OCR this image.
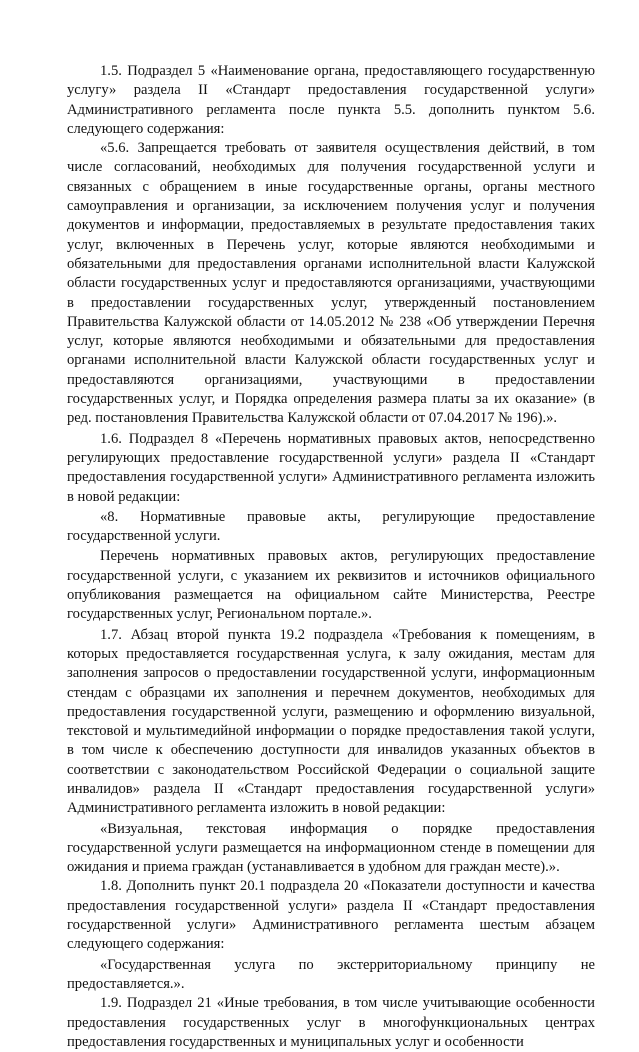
1.5. Подраздел 5 «Наименование органа, предоставляющего государственную услугу» раздела II «Стандарт предоставления государственной услуги» Административного регламента после пункта 5.5. дополнить пунктом 5.6. следующего содержания:

«5.6. Запрещается требовать от заявителя осуществления действий, в том числе согласований, необходимых для получения государственной услуги и связанных с обращением в иные государственные органы, органы местного самоуправления и организации, за исключением получения услуг и получения документов и информации, предоставляемых в результате предоставления таких услуг, включенных в Перечень услуг, которые являются необходимыми и обязательными для предоставления органами исполнительной власти Калужской области государственных услуг и предоставляются организациями, участвующими в предоставлении государственных услуг, утвержденный постановлением Правительства Калужской области от 14.05.2012 № 238 «Об утверждении Перечня услуг, которые являются необходимыми и обязательными для предоставления органами исполнительной власти Калужской области государственных услуг и предоставляются организациями, участвующими в предоставлении государственных услуг, и Порядка определения размера платы за их оказание» (в ред. постановления Правительства Калужской области от 07.04.2017 № 196).».

1.6. Подраздел 8 «Перечень нормативных правовых актов, непосредственно регулирующих предоставление государственной услуги» раздела II «Стандарт предоставления государственной услуги» Административного регламента изложить в новой редакции:

«8. Нормативные правовые акты, регулирующие предоставление государственной услуги.

Перечень нормативных правовых актов, регулирующих предоставление государственной услуги, с указанием их реквизитов и источников официального опубликования размещается на официальном сайте Министерства, Реестре государственных услуг, Региональном портале.».

1.7. Абзац второй пункта 19.2 подраздела «Требования к помещениям, в которых предоставляется государственная услуга, к залу ожидания, местам для заполнения запросов о предоставлении государственной услуги, информационным стендам с образцами их заполнения и перечнем документов, необходимых для предоставления государственной услуги, размещению и оформлению визуальной, текстовой и мультимедийной информации о порядке предоставления такой услуги, в том числе к обеспечению доступности для инвалидов указанных объектов в соответствии с законодательством Российской Федерации о социальной защите инвалидов» раздела II «Стандарт предоставления государственной услуги» Административного регламента изложить в новой редакции:

«Визуальная, текстовая информация о порядке предоставления государственной услуги размещается на информационном стенде в помещении для ожидания и приема граждан (устанавливается в удобном для граждан месте).».

1.8. Дополнить пункт 20.1 подраздела 20 «Показатели доступности и качества предоставления государственной услуги» раздела II «Стандарт предоставления государственной услуги» Административного регламента шестым абзацем следующего содержания:

«Государственная услуга по экстерриториальному принципу не предоставляется.».

1.9. Подраздел 21 «Иные требования, в том числе учитывающие особенности предоставления государственных услуг в многофункциональных центрах предоставления государственных и муниципальных услуг и особенности
